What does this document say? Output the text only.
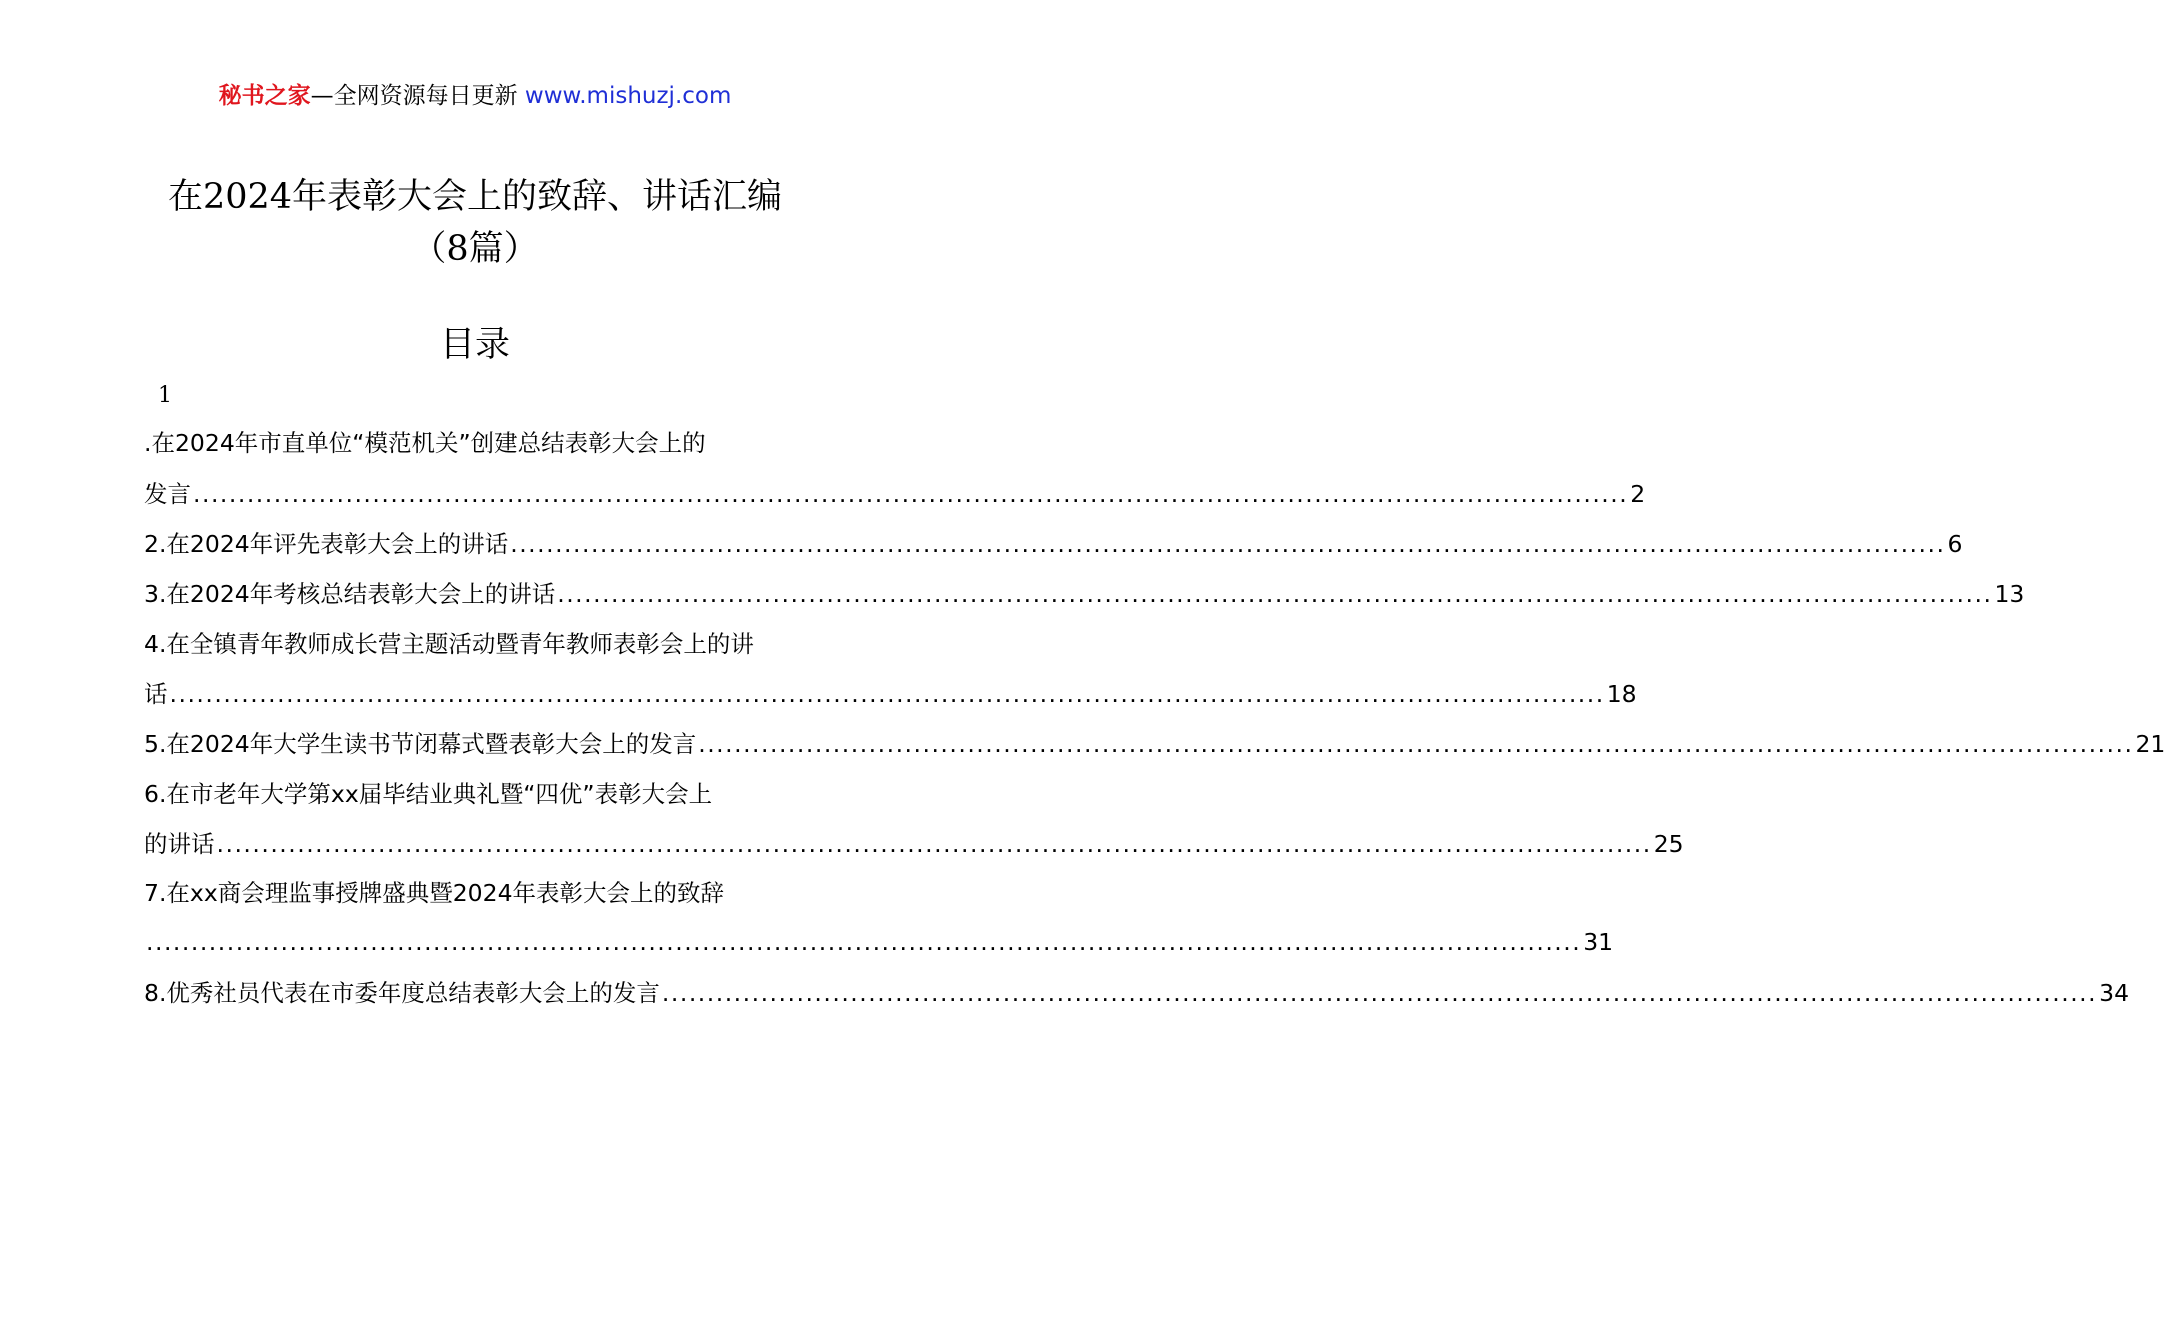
秘书之家—全网资源每日更新 www.mishuzj.com
在2024年表彰大会上的致辞、讲话汇编
（8篇）
目录
1
.在2024年市直单位“模范机关”创建总结表彰大会上的
发言 ................................................................................................................................................................ 2
2.在2024年评先表彰大会上的讲话 ................................................................................................................................................................ 6
3.在2024年考核总结表彰大会上的讲话 ................................................................................................................................................................ 13
4.在全镇青年教师成长营主题活动暨青年教师表彰会上的讲
话 ................................................................................................................................................................ 18
5.在2024年大学生读书节闭幕式暨表彰大会上的发言 ................................................................................................................................................................ 21
6.在市老年大学第xx届毕结业典礼暨“四优”表彰大会上
的讲话 ................................................................................................................................................................ 25
7.在xx商会理监事授牌盛典暨2024年表彰大会上的致辞
................................................................................................................................................................ 31
8.优秀社员代表在市委年度总结表彰大会上的发言 ................................................................................................................................................................ 34
